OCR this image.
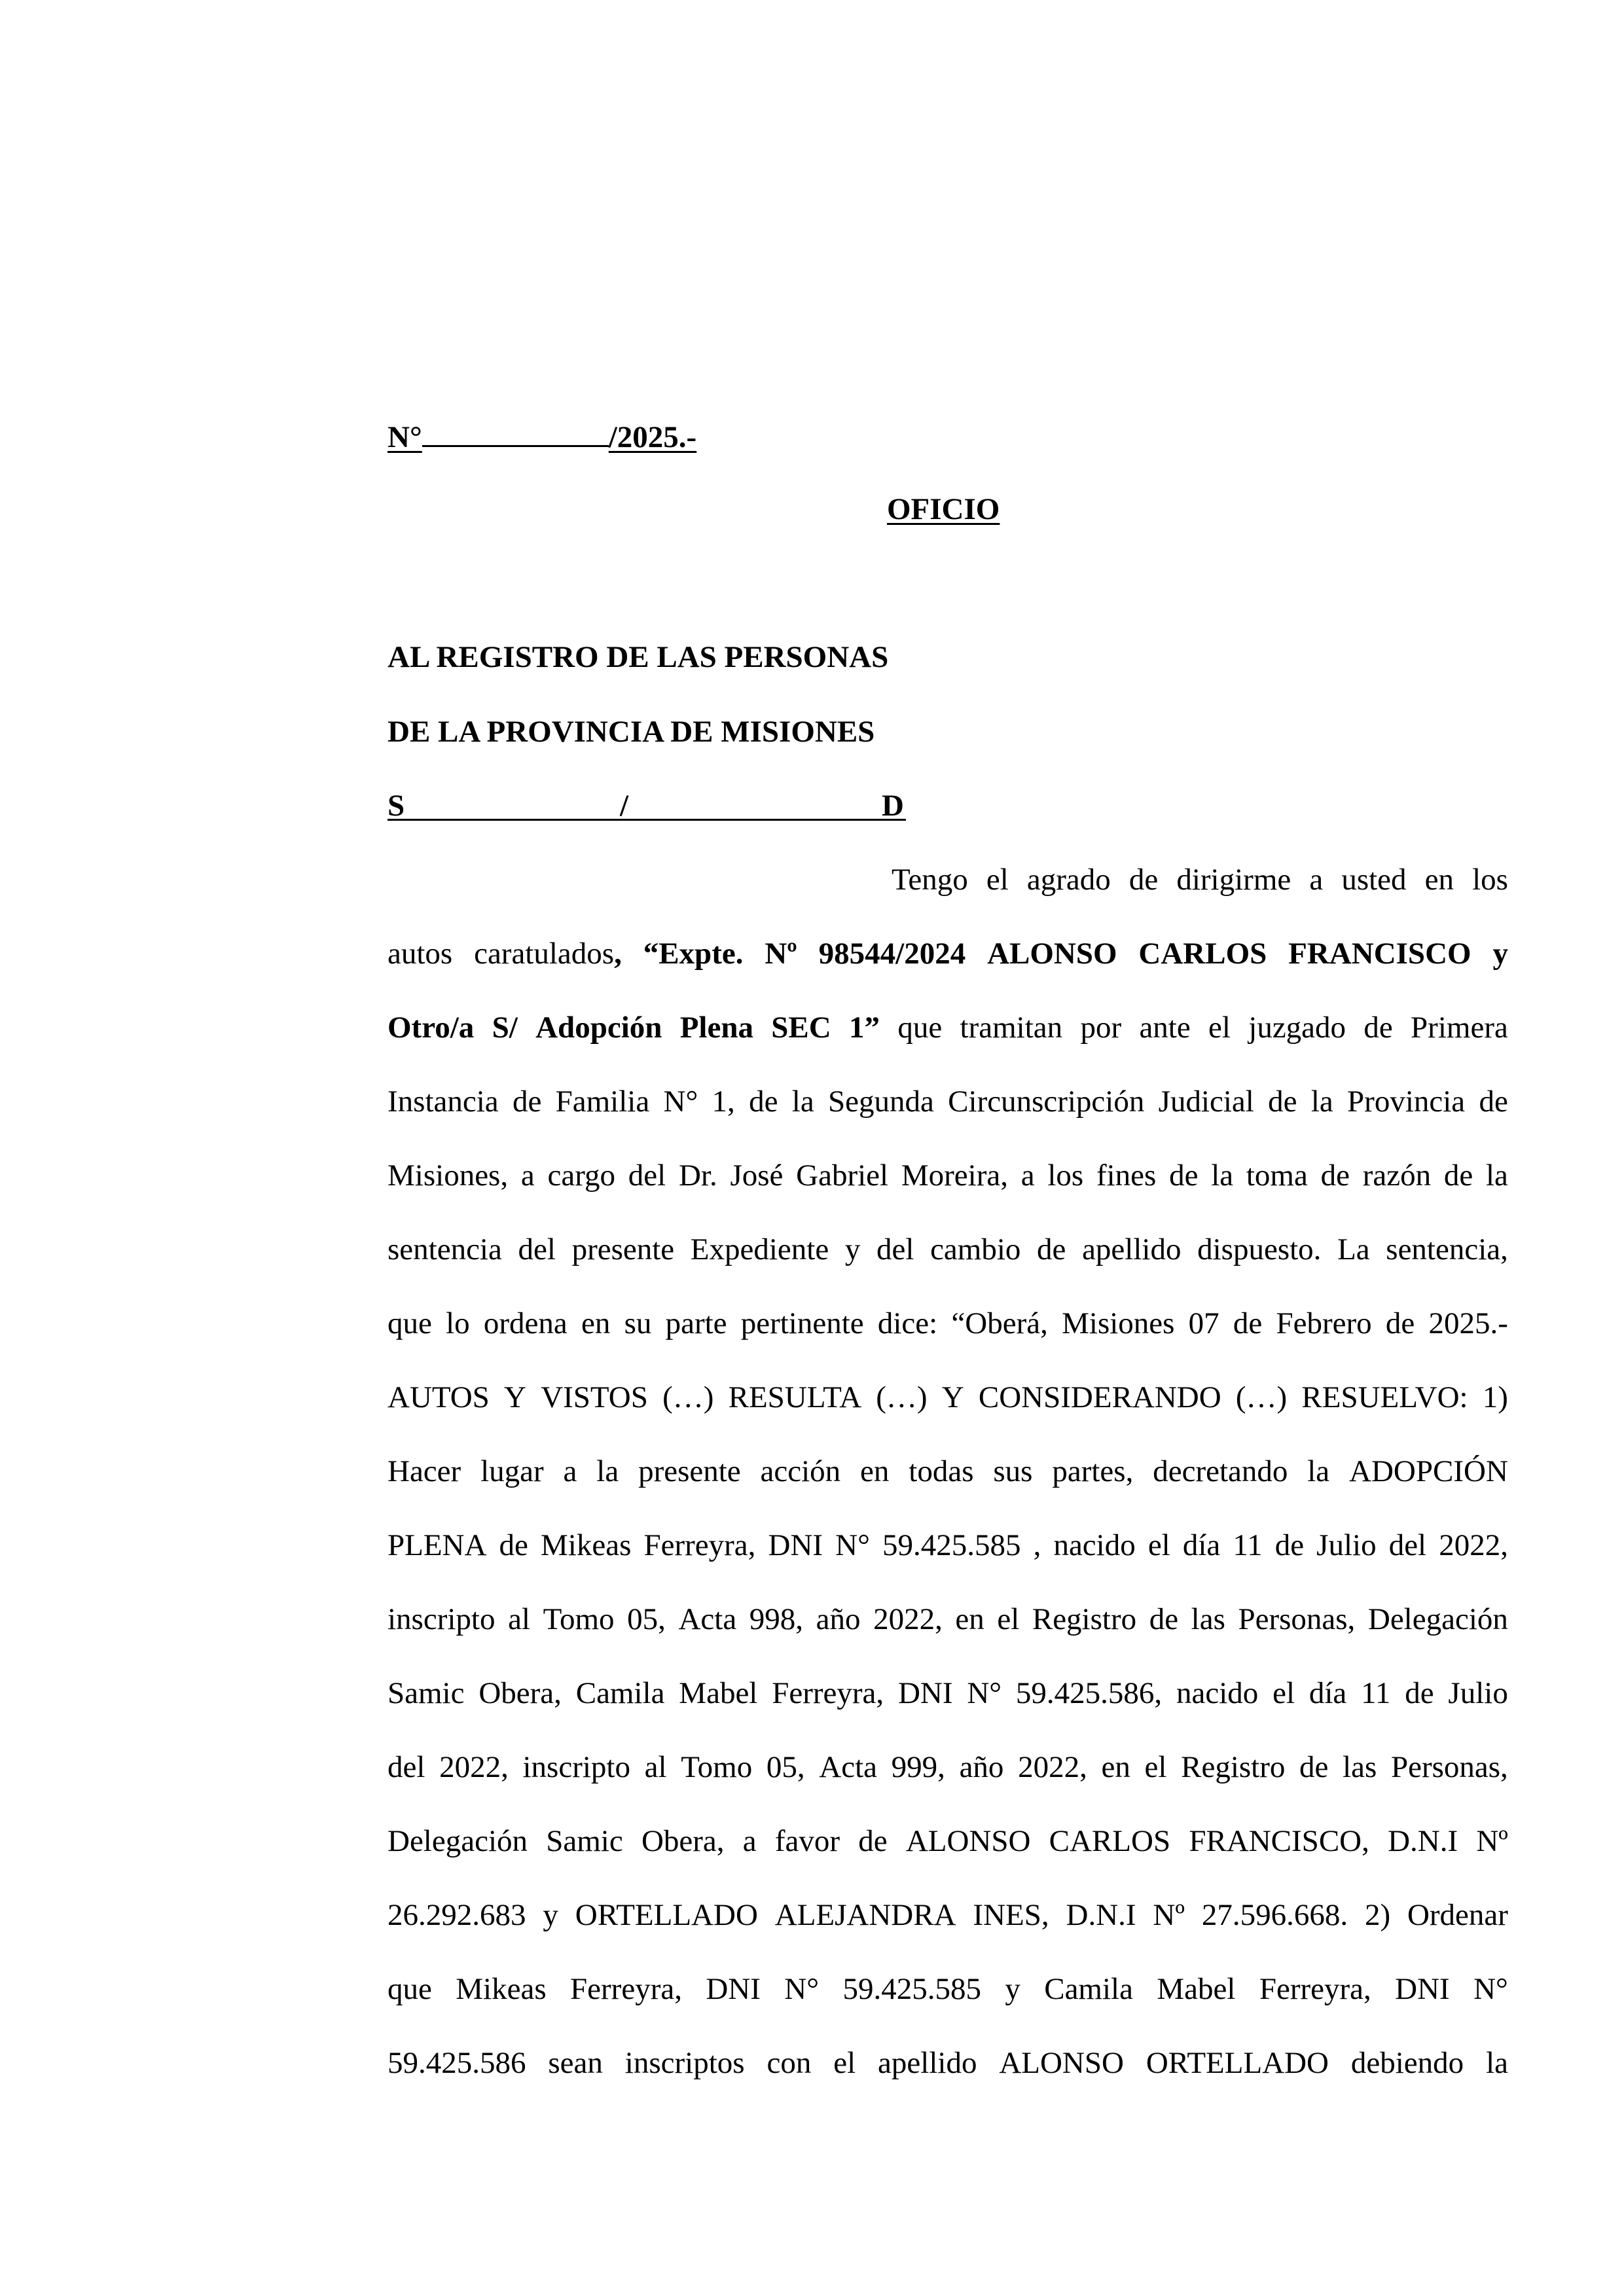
N°	/2025.-
OFICIO
AL REGISTRO DE LAS PERSONAS
DE LA PROVINCIA DE MISIONES
S	/	D
Tengo el agrado de dirigirme a usted en los
autos caratulados, “Expte. Nº 98544/2024 ALONSO CARLOS FRANCISCO y
Otro/a S/ Adopción Plena SEC 1” que tramitan por ante el juzgado de Primera
Instancia de Familia N° 1, de la Segunda Circunscripción Judicial de la Provincia de
Misiones, a cargo del Dr. José Gabriel Moreira, a los fines de la toma de razón de la
sentencia del presente Expediente y del cambio de apellido dispuesto. La sentencia,
que lo ordena en su parte pertinente dice: “Oberá, Misiones 07 de Febrero de 2025.-
AUTOS Y VISTOS (…) RESULTA (…) Y CONSIDERANDO (…) RESUELVO: 1)
Hacer lugar a la presente acción en todas sus partes, decretando la ADOPCIÓN
PLENA de Mikeas Ferreyra, DNI N° 59.425.585 , nacido el día 11 de Julio del 2022,
inscripto al Tomo 05, Acta 998, año 2022, en el Registro de las Personas, Delegación
Samic Obera, Camila Mabel Ferreyra, DNI N° 59.425.586, nacido el día 11 de Julio
del 2022, inscripto al Tomo 05, Acta 999, año 2022, en el Registro de las Personas,
Delegación Samic Obera, a favor de ALONSO CARLOS FRANCISCO, D.N.I Nº
26.292.683 y ORTELLADO ALEJANDRA INES, D.N.I Nº 27.596.668. 2) Ordenar
que Mikeas Ferreyra, DNI N° 59.425.585 y Camila Mabel Ferreyra, DNI N°
59.425.586 sean inscriptos con el apellido ALONSO ORTELLADO debiendo la
